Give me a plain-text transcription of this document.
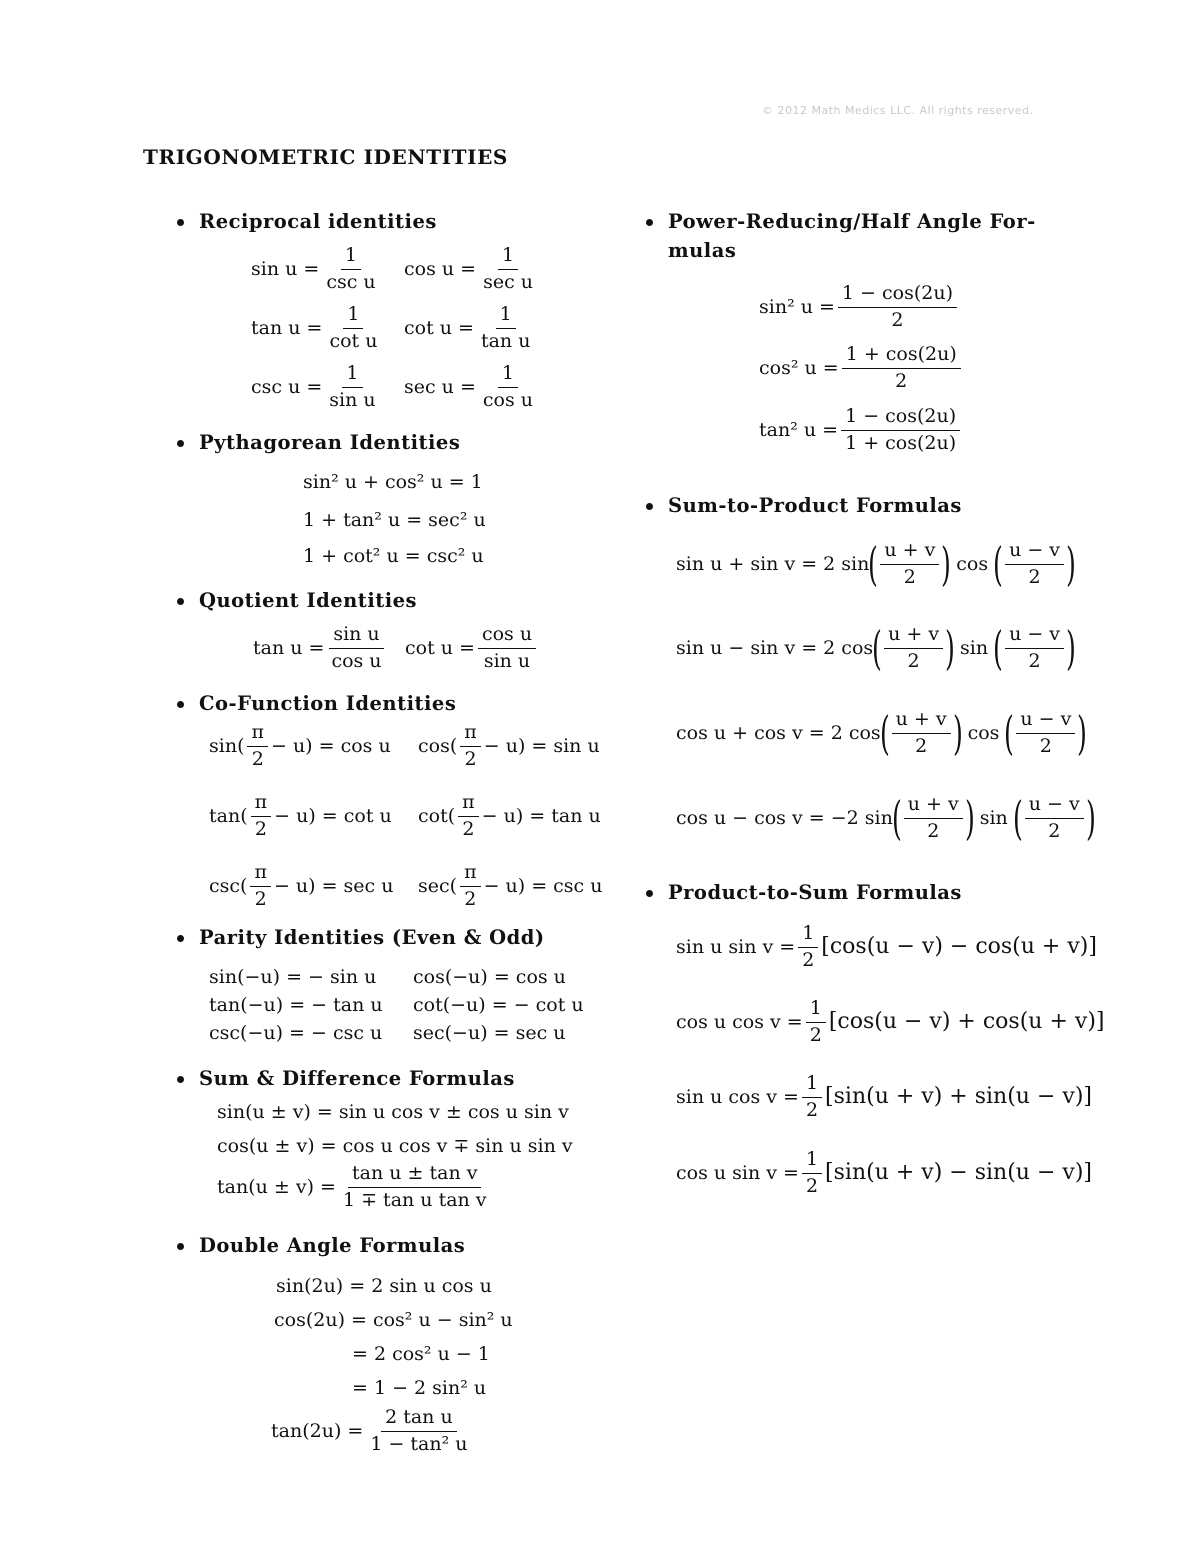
© 2012 Math Medics LLC. All rights reserved.
TRIGONOMETRIC IDENTITIES
Reciprocal identities
sin u =
1
csc u
cos u =
1
sec u
$\tan u = \frac{1}{\text{cot u}}$ $\cot u = \frac{1}{\text{tan u}}$
$\csc u = \frac{1}{\text{sin u}}$ $\sec u = \frac{1}{\text{cos u}}$
Pythagorean Identities
sin² u + cos² u = 1
1 + tan² u = sec² u
1 + cot² u = csc² u
Quotient Identities
$\tan u = \frac{\text{sin u}}{\text{cos u}}$ $\cot u = \frac{\text{cos u}}{\text{sin u}}$
Co-Function Identities
sin(
π
2
− u) = cos u cos(
π
2
− u) = sin u
tan(
π
2
− u) = cot u cot(
π
2
− u) = tan u
csc(
π
2
− u) = sec u sec(
π
2
− u) = csc u
Parity Identities (Even & Odd)
sin(−u) = − sin u cos(−u) = cos u
tan(−u) = − tan u cot(−u) = − cot u
csc(−u) = − csc u sec(−u) = sec u
Sum & Difference Formulas
sin(u ± v) = sin u cos v ± cos u sin v
cos(u ± v) = cos u cos v ∓ sin u sin v
$\tan(u \pm v) = \frac{\text{tan u ± tan v}}{\text{1 ∓ tan u tan v}}$
Double Angle Formulas
sin(2u) = 2 sin u cos u
cos(2u) = cos² u − sin² u
= 2 cos² u − 1
= 1 − 2 sin² u
$\tan(2u) = \frac{\text{2 tan u}}{\text{1 − tan² u}}$
Power-Reducing/Half Angle For-
mulas
sin² $u = \frac{1 - \cos(2u)}{2}$
cos² $u = \frac{1 + \cos(2u)}{2}$
tan² $u = \frac{1 - \cos(2u)}{1 + \cos(2u)}$
Sum-to-Product Formulas
sin u + sin v = 2 sin ( u + v
2 ) cos ( u − v
2 )
sin u − sin v = 2 cos ( u + v
2 ) sin ( u − v
2 )
cos u + cos v = 2 cos ( u + v
2 ) cos ( u − v
2 )
cos u − cos v = −2 sin ( u + v
2 ) sin ( u − v
2 )
Product-to-Sum Formulas
sin u $\sin v = \frac{1}{2} [\cos(u - v) - \cos(u + v)]$
cos u $\cos v = \frac{1}{2} [\cos(u - v) + \cos(u + v)]$
sin u $\cos v = \frac{1}{2} [\sin(u + v) + \sin(u - v)]$
cos u $\sin v = \frac{1}{2} [\sin(u + v) - \sin(u - v)]$
